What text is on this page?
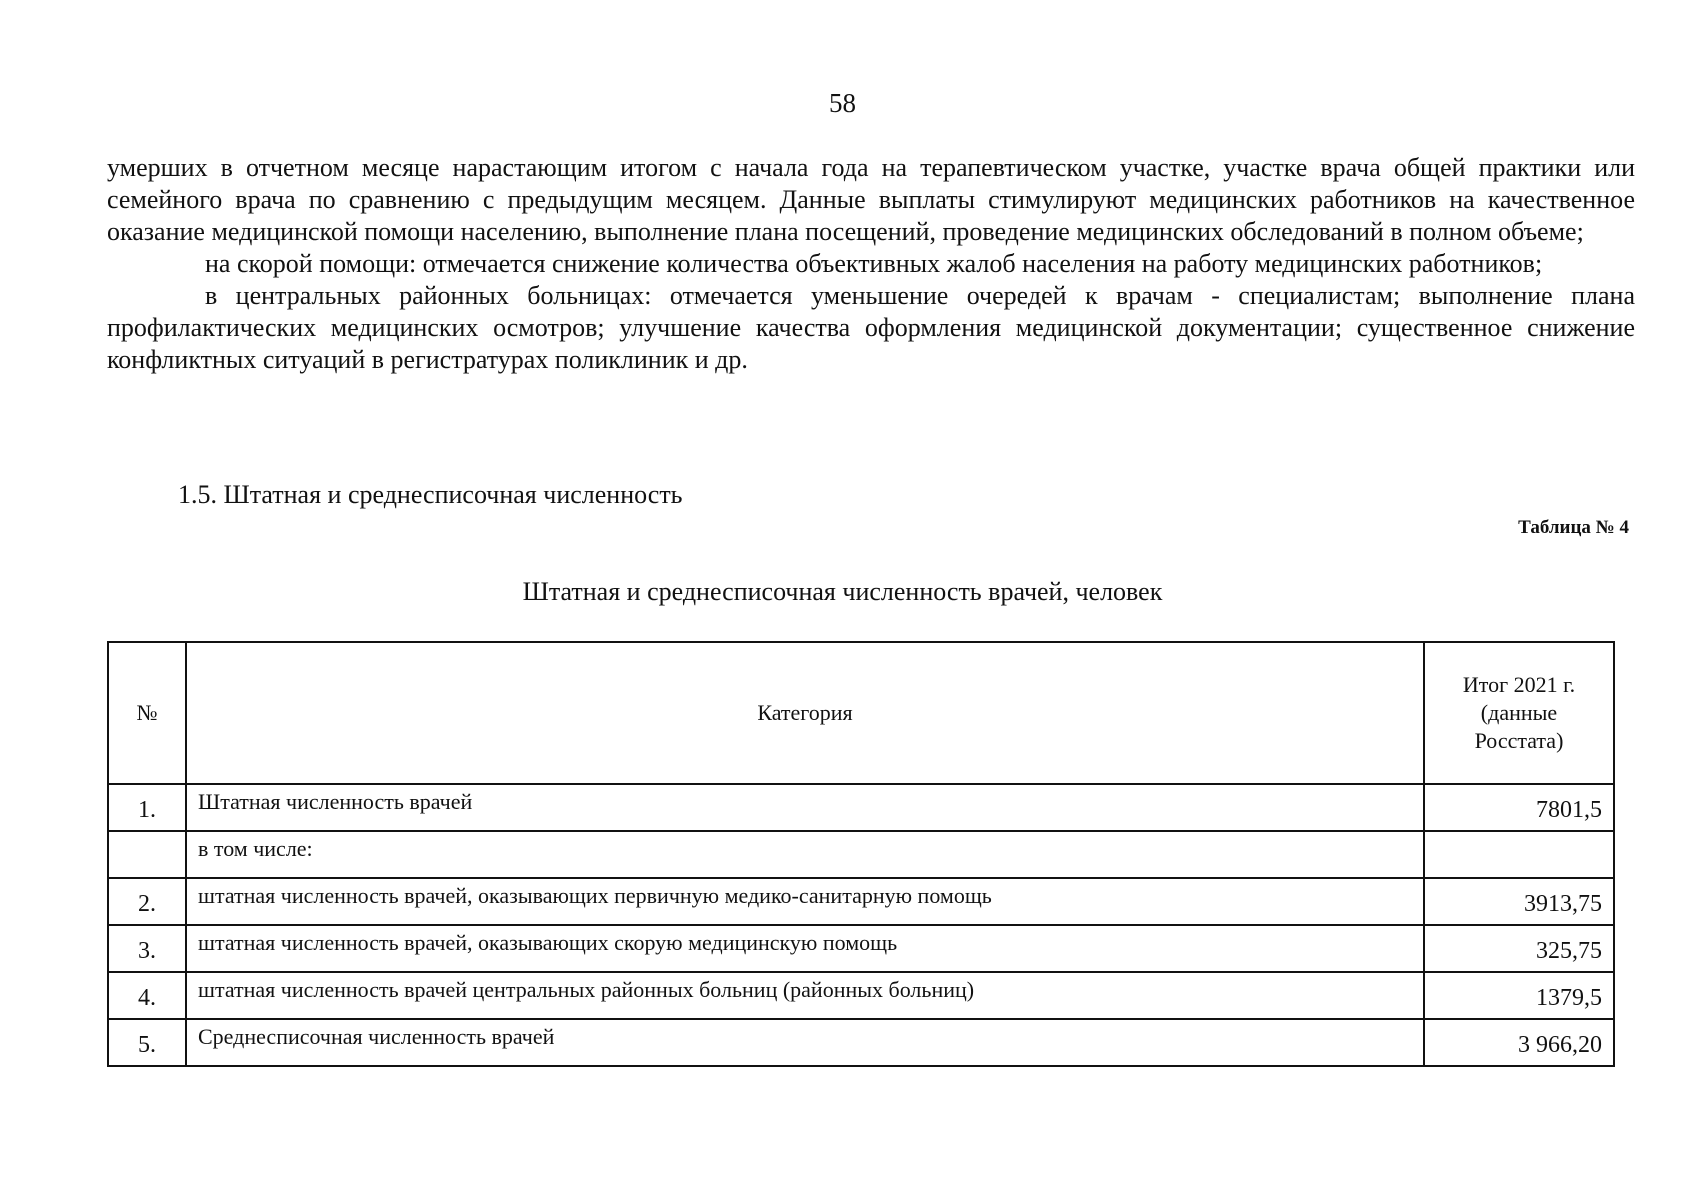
58

умерших в отчетном месяце нарастающим итогом с начала года на терапевтическом участке, участке врача общей практики или семейного врача по сравнению с предыдущим месяцем. Данные выплаты стимулируют медицинских работников на качественное оказание медицинской помощи населению, выполнение плана посещений, проведение медицинских обследований в полном объеме;

на скорой помощи: отмечается снижение количества объективных жалоб населения на работу медицинских работников;

в центральных районных больницах: отмечается уменьшение очередей к врачам - специалистам; выполнение плана профилактических медицинских осмотров; улучшение качества оформления медицинской документации; существенное снижение конфликтных ситуаций в регистратурах поликлиник и др.

1.5. Штатная и среднесписочная численность
Таблица № 4
Штатная и среднесписочная численность врачей, человек
№	Категория	Итог 2021 г.
(данные
Росстата)
1.	Штатная численность врачей	7801,5
	в том числе:	
2.	штатная численность врачей, оказывающих первичную медико-санитарную помощь	3913,75
3.	штатная численность врачей, оказывающих скорую медицинскую помощь	325,75
4.	штатная численность врачей центральных районных больниц (районных больниц)	1379,5
5.	Среднесписочная численность врачей	3 966,20
